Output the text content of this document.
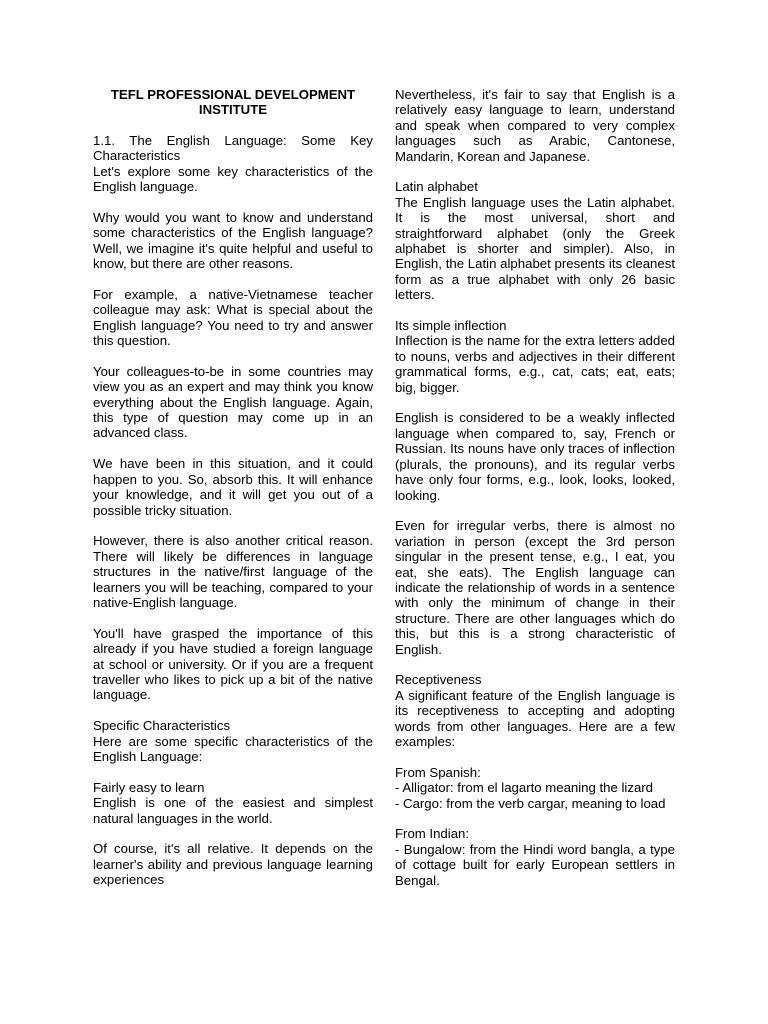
TEFL PROFESSIONAL DEVELOPMENT INSTITUTE
1.1. The English Language: Some Key Characteristics
Let's explore some key characteristics of the English language.
Why would you want to know and understand some characteristics of the English language? Well, we imagine it's quite helpful and useful to know, but there are other reasons.
For example, a native-Vietnamese teacher colleague may ask: What is special about the English language? You need to try and answer this question.
Your colleagues-to-be in some countries may view you as an expert and may think you know everything about the English language. Again, this type of question may come up in an advanced class.
We have been in this situation, and it could happen to you. So, absorb this. It will enhance your knowledge, and it will get you out of a possible tricky situation.
However, there is also another critical reason. There will likely be differences in language structures in the native/first language of the learners you will be teaching, compared to your native-English language.
You'll have grasped the importance of this already if you have studied a foreign language at school or university. Or if you are a frequent traveller who likes to pick up a bit of the native language.
Specific Characteristics
Here are some specific characteristics of the English Language:
Fairly easy to learn
English is one of the easiest and simplest natural languages in the world.
Of course, it's all relative. It depends on the learner's ability and previous language learning experiences
Nevertheless, it's fair to say that English is a relatively easy language to learn, understand and speak when compared to very complex languages such as Arabic, Cantonese, Mandarin, Korean and Japanese.
Latin alphabet
The English language uses the Latin alphabet. It is the most universal, short and straightforward alphabet (only the Greek alphabet is shorter and simpler). Also, in English, the Latin alphabet presents its cleanest form as a true alphabet with only 26 basic letters.
Its simple inflection
Inflection is the name for the extra letters added to nouns, verbs and adjectives in their different grammatical forms, e.g., cat, cats; eat, eats; big, bigger.
English is considered to be a weakly inflected language when compared to, say, French or Russian. Its nouns have only traces of inflection (plurals, the pronouns), and its regular verbs have only four forms, e.g., look, looks, looked, looking.
Even for irregular verbs, there is almost no variation in person (except the 3rd person singular in the present tense, e.g., I eat, you eat, she eats). The English language can indicate the relationship of words in a sentence with only the minimum of change in their structure. There are other languages which do this, but this is a strong characteristic of English.
Receptiveness
A significant feature of the English language is its receptiveness to accepting and adopting words from other languages. Here are a few examples:
From Spanish:
- Alligator: from el lagarto meaning the lizard
- Cargo: from the verb cargar, meaning to load
From Indian:
- Bungalow: from the Hindi word bangla, a type of cottage built for early European settlers in Bengal.
